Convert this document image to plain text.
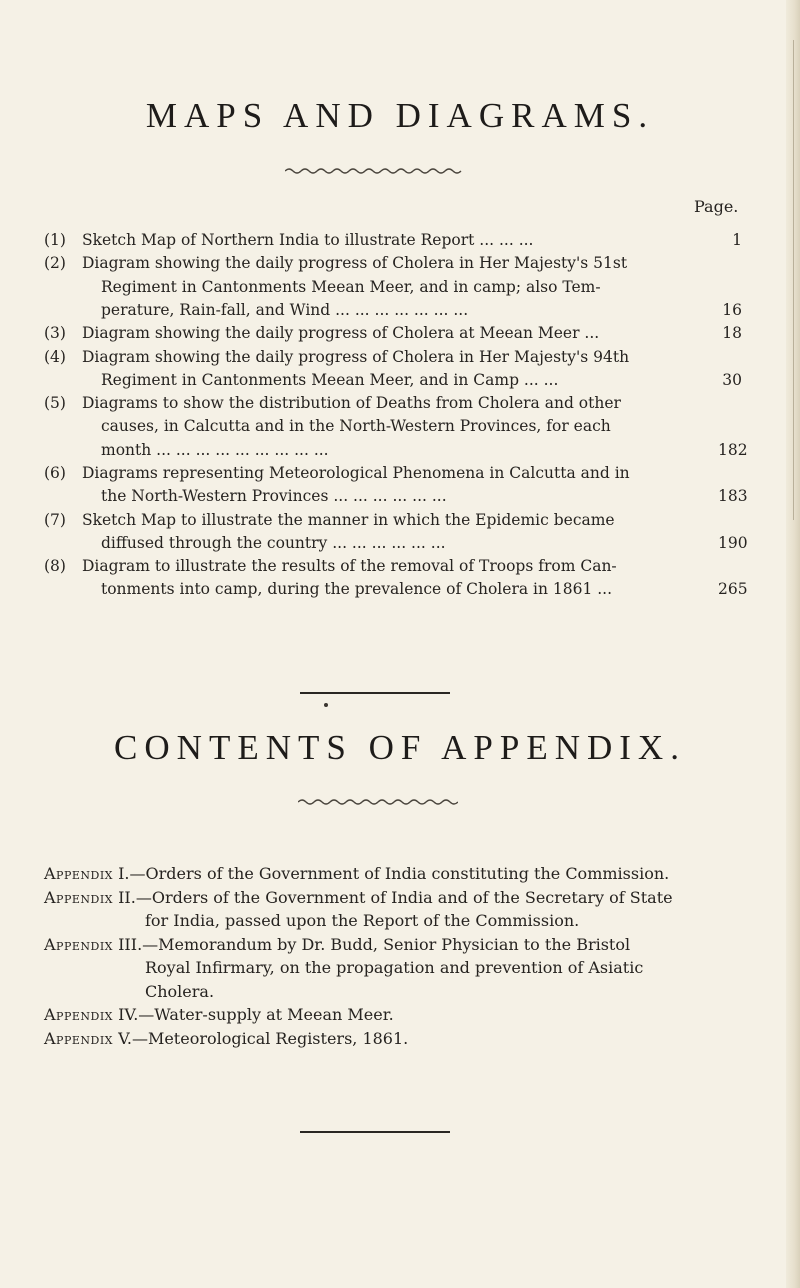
MAPS AND DIAGRAMS.
Page.
(1) Sketch Map of Northern India to illustrate Report ... ... ...	1
(2) Diagram showing the daily progress of Cholera in Her Majesty's 51st
Regiment in Cantonments Meean Meer, and in camp; also Tem-
perature, Rain-fall, and Wind ... ... ... ... ... ... ...	16
(3) Diagram showing the daily progress of Cholera at Meean Meer ...	18
(4) Diagram showing the daily progress of Cholera in Her Majesty's 94th
Regiment in Cantonments Meean Meer, and in Camp ... ...	30
(5) Diagrams to show the distribution of Deaths from Cholera and other
causes, in Calcutta and in the North-Western Provinces, for each
month ... ... ... ... ... ... ... ... ...	182
(6) Diagrams representing Meteorological Phenomena in Calcutta and in
the North-Western Provinces ... ... ... ... ... ...	183
(7) Sketch Map to illustrate the manner in which the Epidemic became
diffused through the country ... ... ... ... ... ...	190
(8) Diagram to illustrate the results of the removal of Troops from Can-
tonments into camp, during the prevalence of Cholera in 1861 ...	265
CONTENTS OF APPENDIX.
Appendix I.—Orders of the Government of India constituting the Commission.
Appendix II.—Orders of the Government of India and of the Secretary of State
for India, passed upon the Report of the Commission.
Appendix III.—Memorandum by Dr. Budd, Senior Physician to the Bristol
Royal Infirmary, on the propagation and prevention of Asiatic
Cholera.
Appendix IV.—Water-supply at Meean Meer.
Appendix V.—Meteorological Registers, 1861.
